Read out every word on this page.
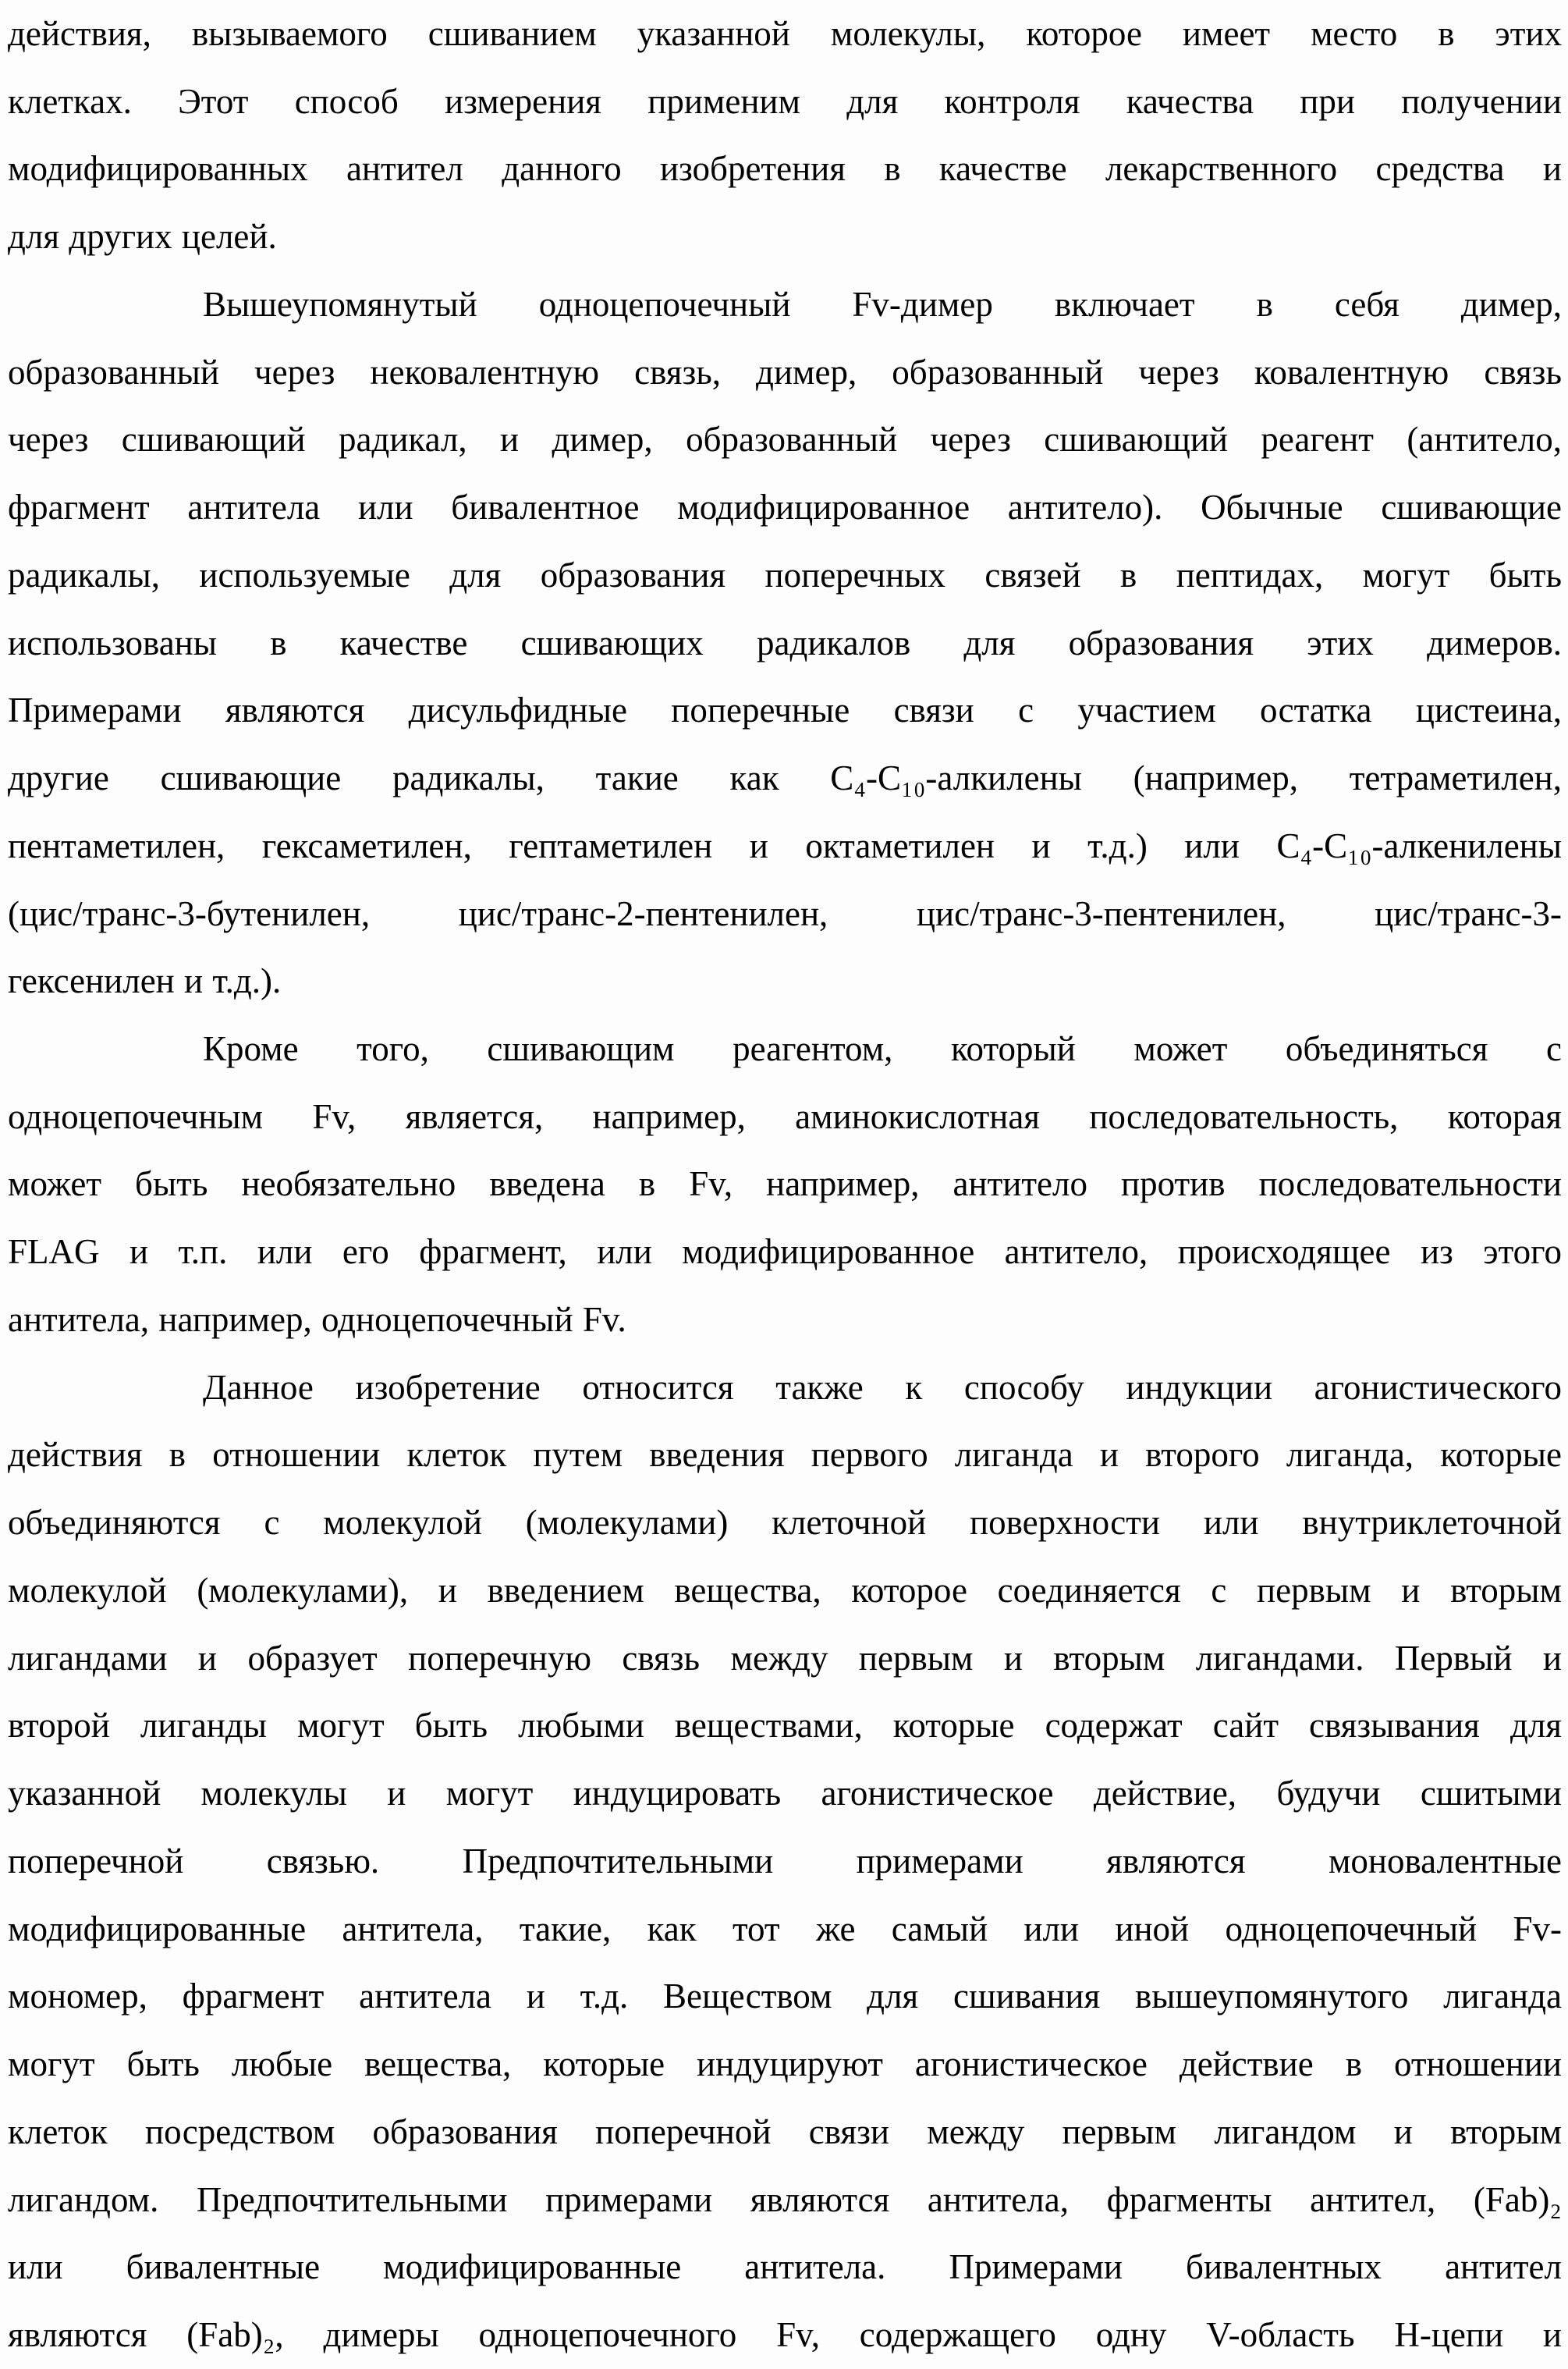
действия, вызываемого сшиванием указанной молекулы, которое имеет место в этих
клетках. Этот способ измерения применим для контроля качества при получении
модифицированных антител данного изобретения в качестве лекарственного средства и
для других целей.
Вышеупомянутый одноцепочечный Fv-димер включает в себя димер,
образованный через нековалентную связь, димер, образованный через ковалентную связь
через сшивающий радикал, и димер, образованный через сшивающий реагент (антитело,
фрагмент антитела или бивалентное модифицированное антитело). Обычные сшивающие
радикалы, используемые для образования поперечных связей в пептидах, могут быть
использованы в качестве сшивающих радикалов для образования этих димеров.
Примерами являются дисульфидные поперечные связи с участием остатка цистеина,
другие сшивающие радикалы, такие как C₄-C₁₀-алкилены (например, тетраметилен,
пентаметилен, гексаметилен, гептаметилен и октаметилен и т.д.) или C₄-C₁₀-алкенилены
(цис/транс-3-бутенилен, цис/транс-2-пентенилен, цис/транс-3-пентенилен, цис/транс-3-
гексенилен и т.д.).
Кроме того, сшивающим реагентом, который может объединяться с
одноцепочечным Fv, является, например, аминокислотная последовательность, которая
может быть необязательно введена в Fv, например, антитело против последовательности
FLAG и т.п. или его фрагмент, или модифицированное антитело, происходящее из этого
антитела, например, одноцепочечный Fv.
Данное изобретение относится также к способу индукции агонистического
действия в отношении клеток путем введения первого лиганда и второго лиганда, которые
объединяются с молекулой (молекулами) клеточной поверхности или внутриклеточной
молекулой (молекулами), и введением вещества, которое соединяется с первым и вторым
лигандами и образует поперечную связь между первым и вторым лигандами. Первый и
второй лиганды могут быть любыми веществами, которые содержат сайт связывания для
указанной молекулы и могут индуцировать агонистическое действие, будучи сшитыми
поперечной связью. Предпочтительными примерами являются моновалентные
модифицированные антитела, такие, как тот же самый или иной одноцепочечный Fv-
мономер, фрагмент антитела и т.д. Веществом для сшивания вышеупомянутого лиганда
могут быть любые вещества, которые индуцируют агонистическое действие в отношении
клеток посредством образования поперечной связи между первым лигандом и вторым
лигандом. Предпочтительными примерами являются антитела, фрагменты антител, (Fab)₂
или бивалентные модифицированные антитела. Примерами бивалентных антител
являются (Fab)₂, димеры одноцепочечного Fv, содержащего одну V-область H-цепи и
